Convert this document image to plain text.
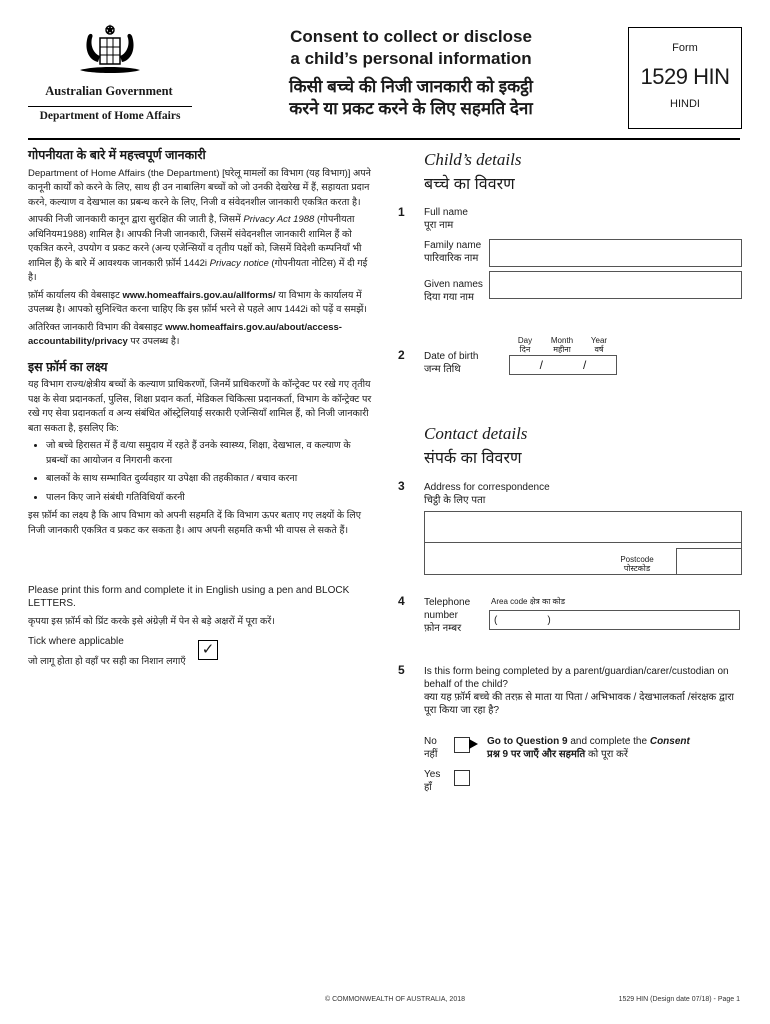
Australian Government
Department of Home Affairs
Consent to collect or disclose
a child’s personal information
किसी बच्चे की निजी जानकारी को इकट्ठी
करने या प्रकट करने के लिए सहमति देना
Form
1529 HIN
HINDI
गोपनीयता के बारे में महत्त्वपूर्ण जानकारी

Department of Home Affairs (the Department) [घरेलू मामलों का विभाग (यह विभाग)] अपने कानूनी कार्यों को करने के लिए, साथ ही उन नाबालिग बच्चों को जो उनकी देखरेख में हैं, सहायता प्रदान करने, कल्याण व देखभाल का प्रबन्ध करने के लिए, निजी व संवेदनशील जानकारी एकत्रित करता है।

आपकी निजी जानकारी कानून द्वारा सुरक्षित की जाती है, जिसमें Privacy Act 1988 (गोपनीयता अधिनियम1988) शामिल है। आपकी निजी जानकारी, जिसमें संवेदनशील जानकारी शामिल हैं को एकत्रित करने, उपयोग व प्रकट करने (अन्य एजेन्सियों व तृतीय पक्षों को, जिसमें विदेशी कम्पनियाँ भी शामिल हैं) के बारे में आवश्यक जानकारी फ़ॉर्म 1442i Privacy notice (गोपनीयता नोटिस) में दी गई है।

फ़ॉर्म कार्यालय की वेबसाइट www.homeaffairs.gov.au/allforms/ या विभाग के कार्यालय में उपलब्ध है। आपको सुनिश्चित करना चाहिए कि इस फ़ॉर्म भरने से पहले आप 1442i को पढ़ें व समझें।

अतिरिक्त जानकारी विभाग की वेबसाइट www.homeaffairs.gov.au/about/access-accountability/privacy पर उपलब्ध है।

इस फ़ॉर्म का लक्ष्य

यह विभाग राज्य/क्षेत्रीय बच्चों के कल्याण प्राधिकरणों, जिनमें प्राधिकरणों के कॉन्ट्रेक्ट पर रखे गए तृतीय पक्ष के सेवा प्रदानकर्ता, पुलिस, शिक्षा प्रदान कर्ता, मेडिकल चिकित्सा प्रदानकर्ता, विभाग के कॉन्ट्रेक्ट पर रखे गए सेवा प्रदानकर्ता व अन्य संबंधित ऑस्ट्रेलियाई सरकारी एजेन्सियाँ शामिल हैं, को निजी जानकारी बता सकता है, इसलिए कि:

• जो बच्चे हिरासत में हैं व/या समुदाय में रहते हैं उनके स्वास्थ्य, शिक्षा, देखभाल, व कल्याण के प्रबन्धों का आयोजन व निगरानी करना
• बालकों के साथ सम्भावित दुर्व्यवहार या उपेक्षा की तहकीकात / बचाव करना
• पालन किए जाने संबंधी गतिविधियाँ करनी

इस फ़ॉर्म का लक्ष्य है कि आप विभाग को अपनी सहमति दें कि विभाग ऊपर बताए गए लक्ष्यों के लिए निजी जानकारी एकत्रित व प्रकट कर सकता है। आप अपनी सहमति कभी भी वापस ले सकते हैं।

Please print this form and complete it in English using a pen and BLOCK LETTERS.
कृपया इस फ़ॉर्म को प्रिंट करके इसे अंग्रेज़ी में पेन से बड़े अक्षरों में पूरा करें।
Tick where applicable
जो लागू होता हो वहाँ पर सही का निशान लगाएँ
✓
Child’s details
बच्चे का विवरण
1 Full name
पूरा नाम
Family name
पारिवारिक नाम
Given names
दिया गया नाम
Day
दिन
Month
महीना
Year
वर्ष
2 Date of birth
जन्म तिथि	/            /
Contact details
संपर्क का विवरण
3 Address for correspondence
चिट्ठी के लिए पता
Postcode
पोस्टकोड
4 Telephone
number
फ़ोन नम्बर
Area code क्षेत्र का कोड
(                  )
5 Is this form being completed by a parent/guardian/carer/custodian on behalf of the child?
क्या यह फ़ॉर्म बच्चे की तरफ़ से माता या पिता / अभिभावक / देखभालकर्ता /संरक्षक द्वारा पूरा किया जा रहा है?
No
नहीं
Go to Question 9 and complete the Consent
प्रश्न 9 पर जाएँ और सहमति को पूरा करें
Yes
हाँ
© COMMONWEALTH OF AUSTRALIA, 2018	1529 HIN (Design date 07/18) - Page 1
